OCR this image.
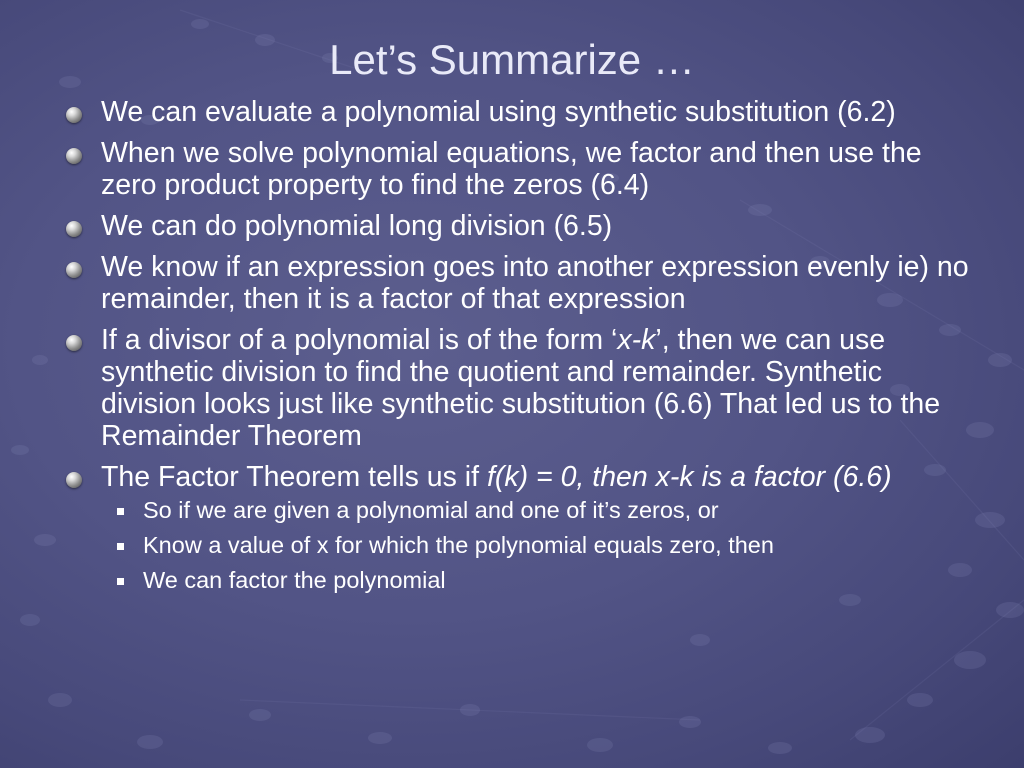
Let’s Summarize …
We can evaluate a polynomial using synthetic substitution (6.2)
When we solve polynomial equations, we factor and then use the zero product property to find the zeros (6.4)
We can do polynomial long division (6.5)
We know if an expression goes into another expression evenly ie) no remainder, then it is a factor of that expression
If a divisor of a polynomial is of the form ‘x-k’, then we can use synthetic division to find the quotient and remainder. Synthetic division looks just like synthetic substitution (6.6) That led us to the Remainder Theorem
The Factor Theorem tells us if f(k) = 0, then x-k is a factor (6.6)
So if we are given a polynomial and one of it’s zeros, or
Know a value of x for which the polynomial equals zero, then
We can factor the polynomial
